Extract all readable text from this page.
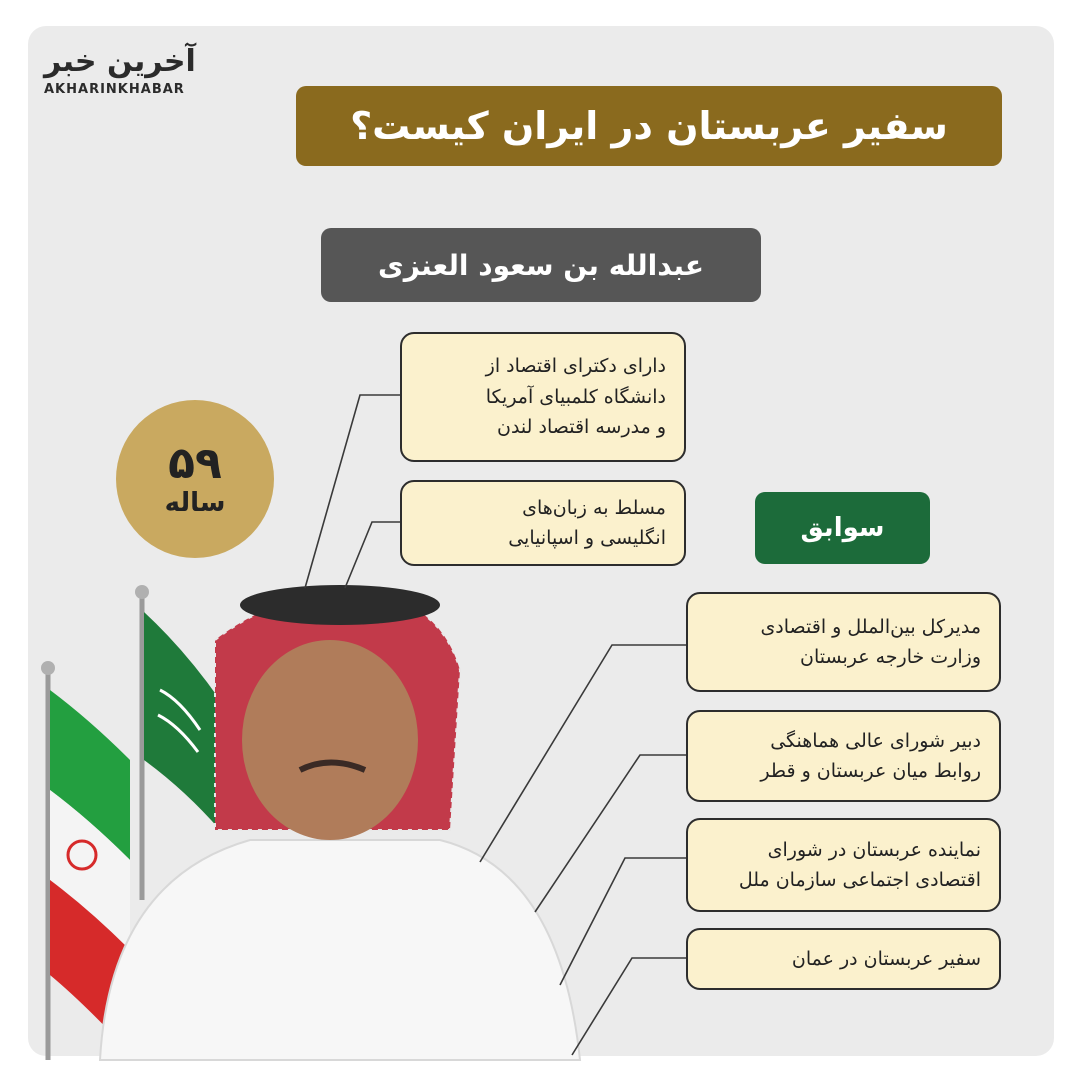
آخرین خبر
AKHARINKHABAR
سفیر عربستان در ایران کیست؟
عبدالله بن سعود العنزی
۵۹
ساله
دارای دکترای اقتصاد از
دانشگاه کلمبیای آمریکا
و مدرسه اقتصاد لندن
مسلط به زبان‌های
انگلیسی و اسپانیایی	سوابق
مدیرکل بین‌الملل و اقتصادی
وزارت خارجه عربستان
دبیر شورای عالی هماهنگی
روابط میان عربستان و قطر
نماینده عربستان در شورای
اقتصادی اجتماعی سازمان ملل
سفیر عربستان در عمان
